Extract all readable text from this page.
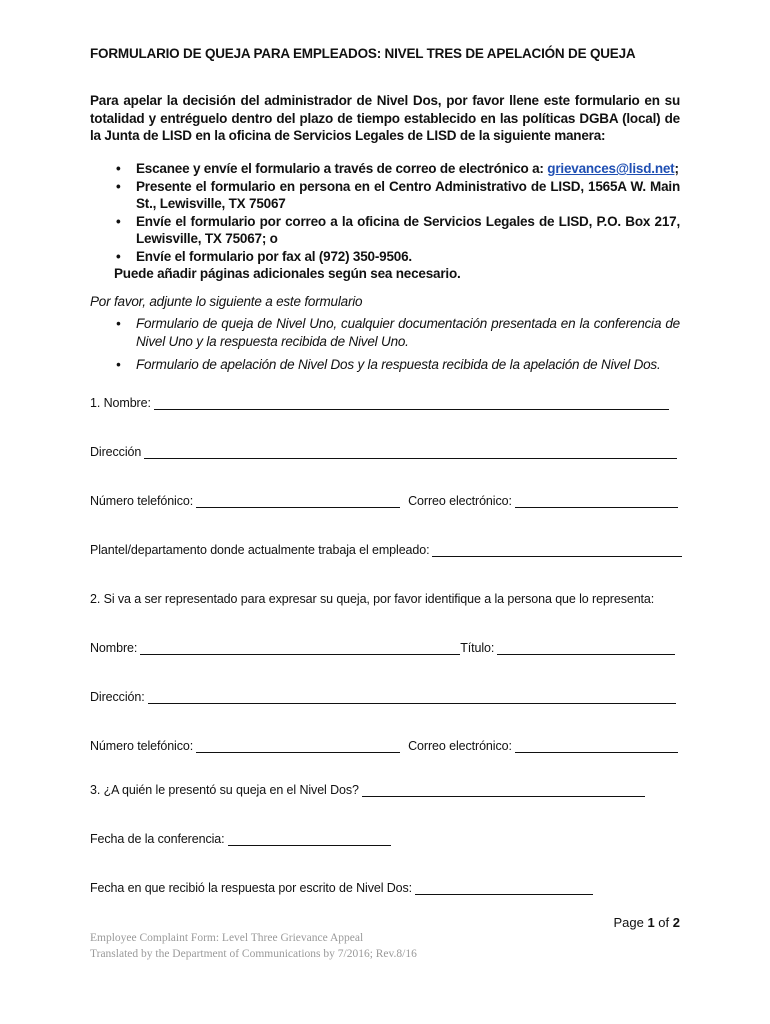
FORMULARIO DE QUEJA PARA EMPLEADOS: NIVEL TRES DE APELACIÓN DE QUEJA
Para apelar la decisión del administrador de Nivel Dos, por favor llene este formulario en su totalidad y entréguelo dentro del plazo de tiempo establecido en las políticas DGBA (local) de la Junta de LISD en la oficina de Servicios Legales de LISD de la siguiente manera:
• Escanee y envíe el formulario a través de correo de electrónico a: grievances@lisd.net;
• Presente el formulario en persona en el Centro Administrativo de LISD, 1565A W. Main St., Lewisville, TX 75067
• Envíe el formulario por correo a la oficina de Servicios Legales de LISD, P.O. Box 217, Lewisville, TX 75067; o
• Envíe el formulario por fax al (972) 350-9506.
Puede añadir páginas adicionales según sea necesario.
Por favor, adjunte lo siguiente a este formulario
• Formulario de queja de Nivel Uno, cualquier documentación presentada en la conferencia de Nivel Uno y la respuesta recibida de Nivel Uno.
• Formulario de apelación de Nivel Dos y la respuesta recibida de la apelación de Nivel Dos.
1. Nombre:
Dirección
Número telefónico:	Correo electrónico:
Plantel/departamento donde actualmente trabaja el empleado:
2. Si va a ser representado para expresar su queja, por favor identifique a la persona que lo representa:
Nombre:	Título:
Dirección:
Número telefónico:	Correo electrónico:
3. ¿A quién le presentó su queja en el Nivel Dos?
Fecha de la conferencia:
Fecha en que recibió la respuesta por escrito de Nivel Dos:
Page 1 of 2
Employee Complaint Form: Level Three Grievance Appeal
Translated by the Department of Communications by 7/2016; Rev.8/16
